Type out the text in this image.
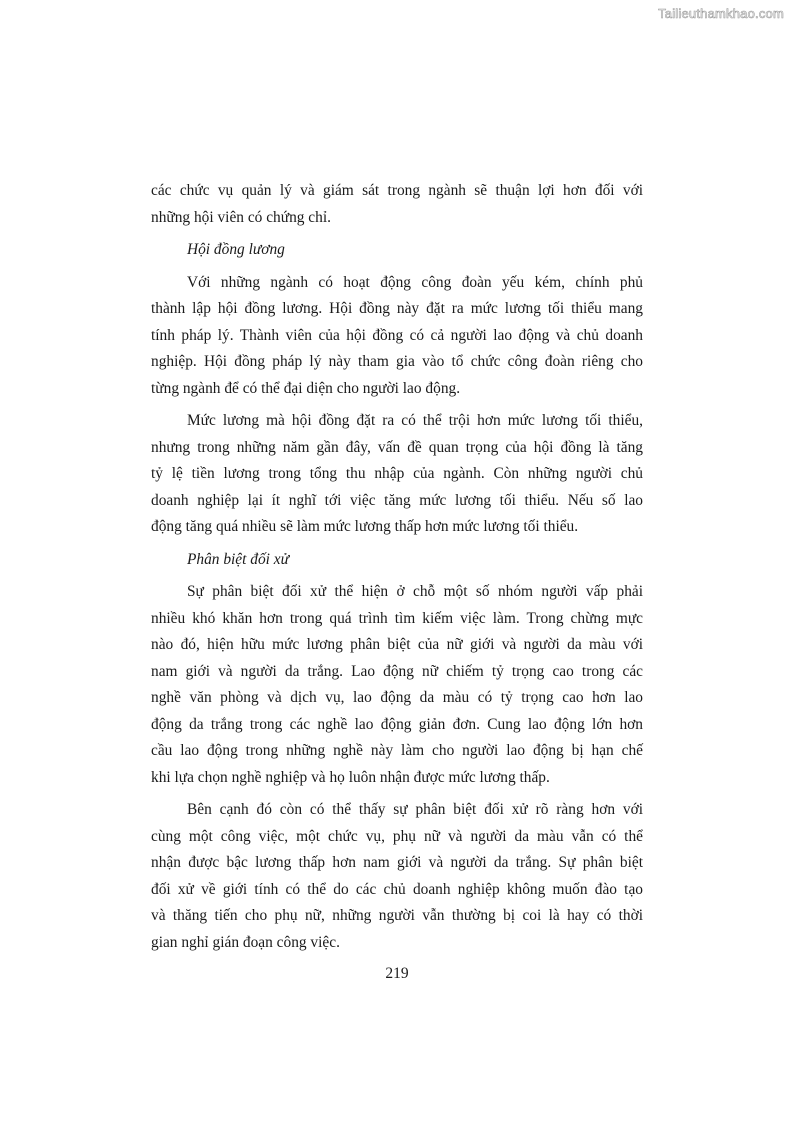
Tailieuthamkhao.com
các chức vụ quản lý và giám sát trong ngành sẽ thuận lợi hơn đối với
những hội viên có chứng chỉ.
Hội đồng lương
Với những ngành có hoạt động công đoàn yếu kém, chính phủ
thành lập hội đồng lương. Hội đồng này đặt ra mức lương tối thiểu mang
tính pháp lý. Thành viên của hội đồng có cả người lao động và chủ doanh
nghiệp. Hội đồng pháp lý này tham gia vào tổ chức công đoàn riêng cho
từng ngành để có thể đại diện cho người lao động.
Mức lương mà hội đồng đặt ra có thể trội hơn mức lương tối thiểu,
nhưng trong những năm gần đây, vấn đề quan trọng của hội đồng là tăng
tỷ lệ tiền lương trong tổng thu nhập của ngành. Còn những người chủ
doanh nghiệp lại ít nghĩ tới việc tăng mức lương tối thiểu. Nếu số lao
động tăng quá nhiều sẽ làm mức lương thấp hơn mức lương tối thiểu.
Phân biệt đối xử
Sự phân biệt đối xử thể hiện ở chỗ một số nhóm người vấp phải
nhiều khó khăn hơn trong quá trình tìm kiếm việc làm. Trong chừng mực
nào đó, hiện hữu mức lương phân biệt của nữ giới và người da màu với
nam giới và người da trắng. Lao động nữ chiếm tỷ trọng cao trong các
nghề văn phòng và dịch vụ, lao động da màu có tỷ trọng cao hơn lao
động da trắng trong các nghề lao động giản đơn. Cung lao động lớn hơn
cầu lao động trong những nghề này làm cho người lao động bị hạn chế
khi lựa chọn nghề nghiệp và họ luôn nhận được mức lương thấp.
Bên cạnh đó còn có thể thấy sự phân biệt đối xử rõ ràng hơn với
cùng một công việc, một chức vụ, phụ nữ và người da màu vẫn có thể
nhận được bậc lương thấp hơn nam giới và người da trắng. Sự phân biệt
đối xử về giới tính có thể do các chủ doanh nghiệp không muốn đào tạo
và thăng tiến cho phụ nữ, những người vẫn thường bị coi là hay có thời
gian nghỉ gián đoạn công việc.
219
